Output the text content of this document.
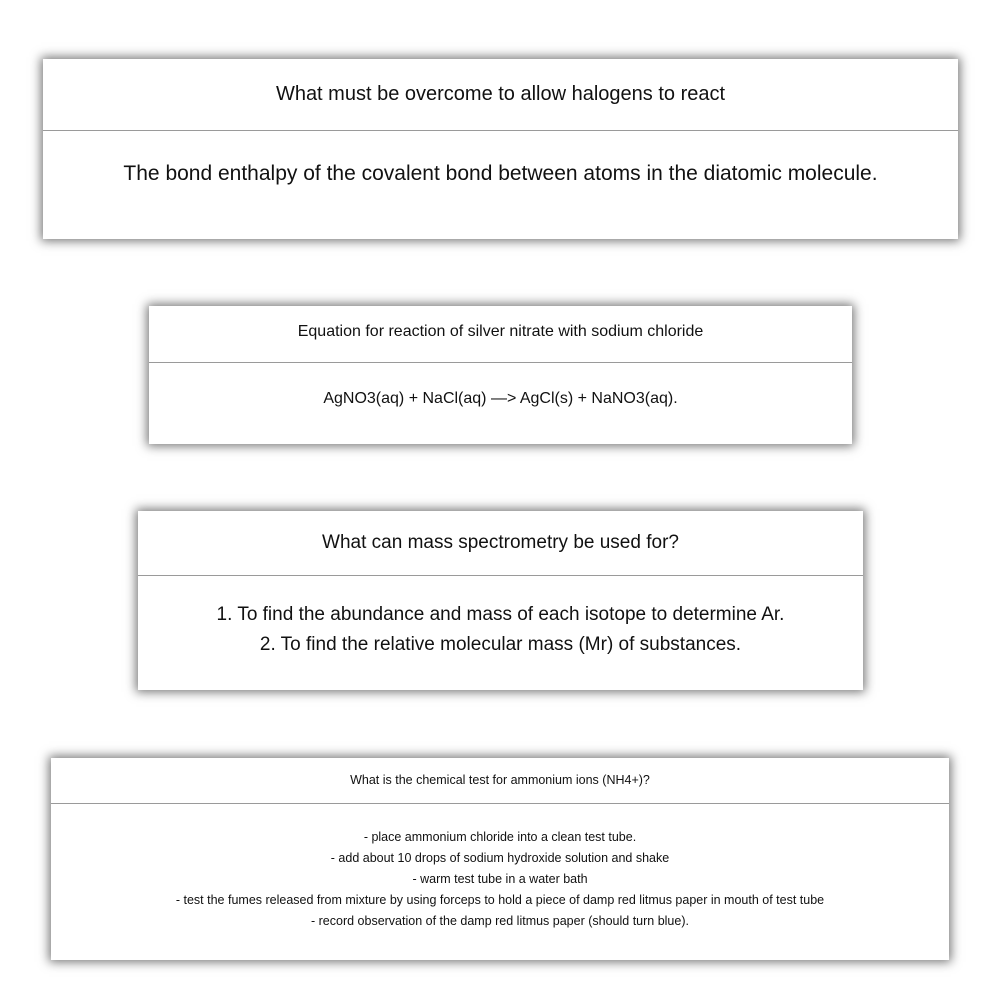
What must be overcome to allow halogens to react
The bond enthalpy of the covalent bond between atoms in the diatomic molecule.
Equation for reaction of silver nitrate with sodium chloride
AgNO3(aq) + NaCl(aq) —> AgCl(s) + NaNO3(aq).
What can mass spectrometry be used for?
1. To find the abundance and mass of each isotope to determine Ar.
2. To find the relative molecular mass (Mr) of substances.
What is the chemical test for ammonium ions (NH4+)?
- place ammonium chloride into a clean test tube.
- add about 10 drops of sodium hydroxide solution and shake
- warm test tube in a water bath
- test the fumes released from mixture by using forceps to hold a piece of damp red litmus paper in mouth of test tube
- record observation of the damp red litmus paper (should turn blue).
